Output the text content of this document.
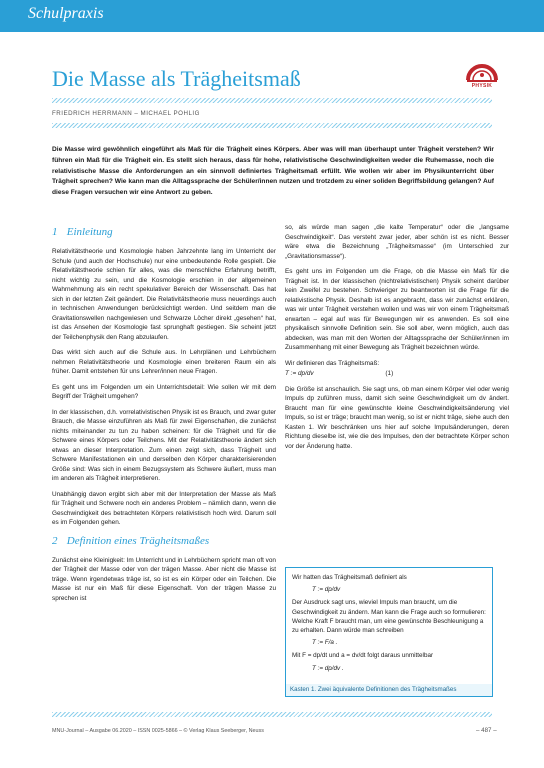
Schulpraxis
Die Masse als Trägheitsmaß	PHYSIK
FRIEDRICH HERRMANN – MICHAEL POHLIG
Die Masse wird gewöhnlich eingeführt als Maß für die Trägheit eines Körpers. Aber was will man überhaupt unter Trägheit verstehen? Wir führen ein Maß für die Trägheit ein. Es stellt sich heraus, dass für hohe, relativistische Geschwindigkeiten weder die Ruhemasse, noch die relativistische Masse die Anforderungen an ein sinnvoll definiertes Trägheitsmaß erfüllt. Wie wollen wir aber im Physikunterricht über Trägheit sprechen? Wie kann man die Alltagssprache der Schüler/innen nutzen und trotzdem zu einer soliden Begriffsbildung gelangen? Auf diese Fragen versuchen wir eine Antwort zu geben.
1 Einleitung

Relativitätstheorie und Kosmologie haben Jahrzehnte lang im Unterricht der Schule (und auch der Hochschule) nur eine unbedeutende Rolle gespielt. Die Relativitätstheorie schien für alles, was die menschliche Erfahrung betrifft, nicht wichtig zu sein, und die Kosmologie erschien in der allgemeinen Wahrnehmung als ein recht spekulativer Bereich der Wissenschaft. Das hat sich in der letzten Zeit geändert. Die Relativitätstheorie muss neuerdings auch in technischen Anwendungen berücksichtigt werden. Und seitdem man die Gravitationswellen nachgewiesen und Schwarze Löcher direkt „gesehen“ hat, ist das Ansehen der Kosmologie fast sprunghaft gestiegen. Sie scheint jetzt der Teilchenphysik den Rang abzulaufen.

Das wirkt sich auch auf die Schule aus. In Lehrplänen und Lehrbüchern nehmen Relativitätstheorie und Kosmologie einen breiteren Raum ein als früher. Damit entstehen für uns Lehrer/innen neue Fragen.

Es geht uns im Folgenden um ein Unterrichtsdetail: Wie sollen wir mit dem Begriff der Trägheit umgehen?

In der klassischen, d.h. vorrelativistischen Physik ist es Brauch, und zwar guter Brauch, die Masse einzuführen als Maß für zwei Eigenschaften, die zunächst nichts miteinander zu tun zu haben scheinen: für die Trägheit und für die Schwere eines Körpers oder Teilchens. Mit der Relativitätstheorie ändert sich etwas an dieser Interpretation. Zum einen zeigt sich, dass Trägheit und Schwere Manifestationen ein und derselben den Körper charakterisierenden Größe sind: Was sich in einem Bezugssystem als Schwere äußert, muss man im anderen als Trägheit interpretieren.

Unabhängig davon ergibt sich aber mit der Interpretation der Masse als Maß für Trägheit und Schwere noch ein anderes Problem – nämlich dann, wenn die Geschwindigkeit des betrachteten Körpers relativistisch hoch wird. Darum soll es im Folgenden gehen.

2 Definition eines Trägheitsmaßes

Zunächst eine Kleinigkeit: Im Unterricht und in Lehrbüchern spricht man oft von der Trägheit der Masse oder von der trägen Masse. Aber nicht die Masse ist träge. Wenn irgendetwas träge ist, so ist es ein Körper oder ein Teilchen. Die Masse ist nur ein Maß für diese Eigenschaft. Von der trägen Masse zu sprechen ist

so, als würde man sagen „die kalte Temperatur“ oder die „langsame Geschwindigkeit“. Das versteht zwar jeder, aber schön ist es nicht. Besser wäre etwa die Bezeichnung „Trägheitsmasse“ (im Unterschied zur „Gravitationsmasse“).

Es geht uns im Folgenden um die Frage, ob die Masse ein Maß für die Trägheit ist. In der klassischen (nichtrelativistischen) Physik scheint darüber kein Zweifel zu bestehen. Schwieriger zu beantworten ist die Frage für die relativistische Physik. Deshalb ist es angebracht, dass wir zunächst erklären, was wir unter Trägheit verstehen wollen und was wir von einem Trägheitsmaß erwarten – egal auf was für Bewegungen wir es anwenden. Es soll eine physikalisch sinnvolle Definition sein. Sie soll aber, wenn möglich, auch das abdecken, was man mit den Worten der Alltagssprache der Schüler/innen im Zusammenhang mit einer Bewegung als Trägheit bezeichnen würde.

Wir definieren das Trägheitsmaß:

T := dp/dv	(1)

Die Größe ist anschaulich. Sie sagt uns, ob man einem Körper viel oder wenig Impuls dp zuführen muss, damit sich seine Geschwindigkeit um dv ändert. Braucht man für eine gewünschte kleine Geschwindigkeitsänderung viel Impuls, so ist er träge; braucht man wenig, so ist er nicht träge, siehe auch den Kasten 1. Wir beschränken uns hier auf solche Impulsänderungen, deren Richtung dieselbe ist, wie die des Impulses, den der betrachtete Körper schon vor der Änderung hatte.

Wir hatten das Trägheitsmaß definiert als

T := dp/dv

Der Ausdruck sagt uns, wieviel Impuls man braucht, um die Geschwindigkeit zu ändern. Man kann die Frage auch so formulieren: Welche Kraft F braucht man, um eine gewünschte Beschleunigung a zu erhalten. Dann würde man schreiben

T := F/a .

Mit F = dp/dt und a = dv/dt folgt daraus unmittelbar

T := dp/dv .

Kasten 1. Zwei äquivalente Definitionen des Trägheitsmaßes
MNU-Journal – Ausgabe 06.2020 – ISSN 0025-5866 – © Verlag Klaus Seeberger, Neuss	– 487 –
